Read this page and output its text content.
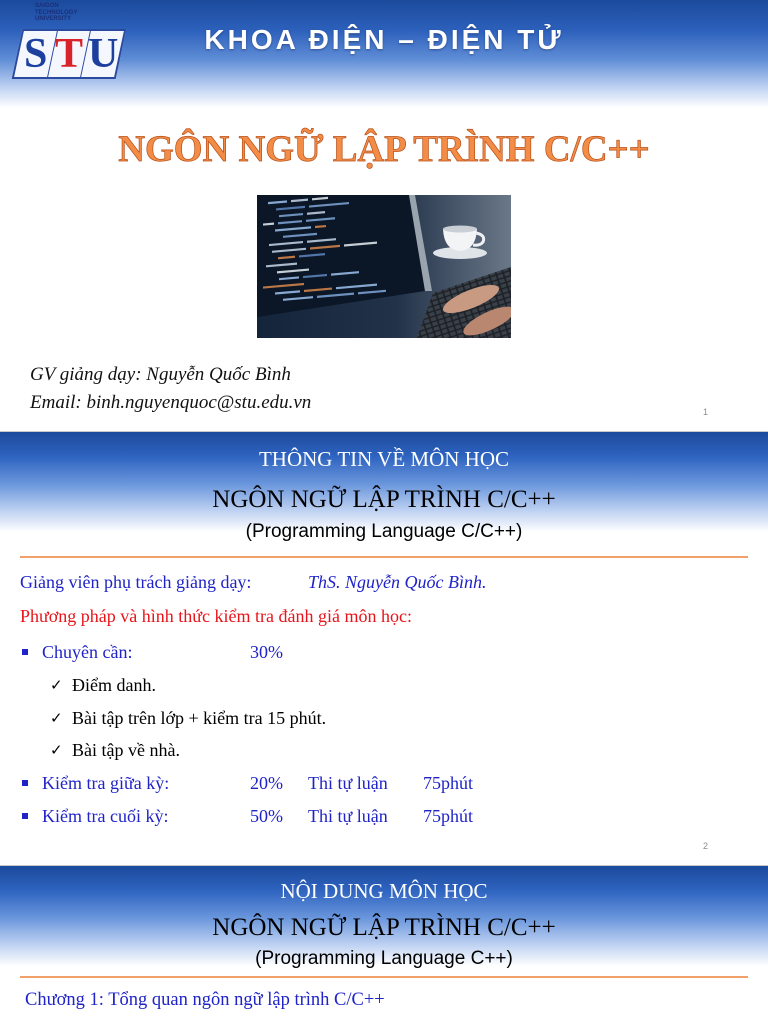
SAIGON
TECHNOLOGY
UNIVERSITY
S T U	KHOA ĐIỆN – ĐIỆN TỬ
NGÔN NGỮ LẬP TRÌNH C/C++
GV giảng dạy: Nguyễn Quốc Bình
Email: binh.nguyenquoc@stu.edu.vn	1
THÔNG TIN VỀ MÔN HỌC
NGÔN NGỮ LẬP TRÌNH C/C++
(Programming Language C/C++)
Giảng viên phụ trách giảng dạy:	ThS. Nguyễn Quốc Bình.
Phương pháp và hình thức kiểm tra đánh giá môn học:
Chuyên cần:	30%
✓ Điểm danh.
✓ Bài tập trên lớp + kiểm tra 15 phút.
✓ Bài tập về nhà.
Kiểm tra giữa kỳ:	20% Thi tự luận 75phút
Kiểm tra cuối kỳ:	50% Thi tự luận 75phút
2
NỘI DUNG MÔN HỌC
NGÔN NGỮ LẬP TRÌNH C/C++
(Programming Language C++)
Chương 1: Tổng quan ngôn ngữ lập trình C/C++
